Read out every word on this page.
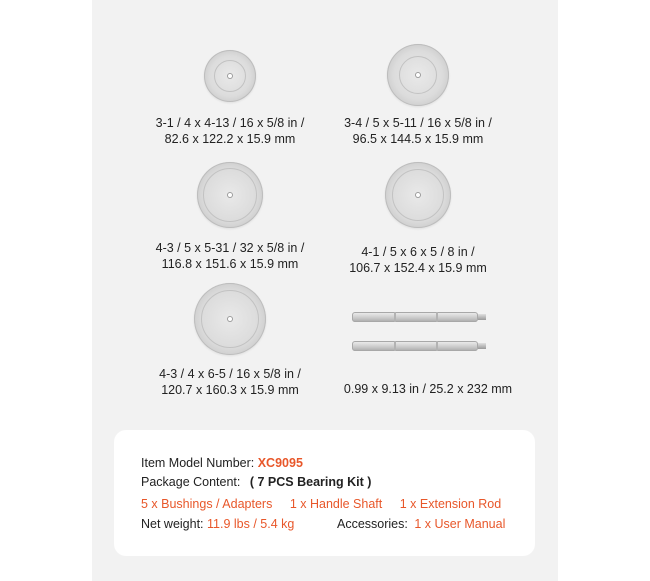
3-1 / 4 x 4-13 / 16 x 5/8 in /
82.6 x 122.2 x 15.9 mm
3-4 / 5 x 5-11 / 16 x 5/8 in /
96.5 x 144.5 x 15.9 mm
4-3 / 5 x 5-31 / 32 x 5/8 in /
116.8 x 151.6 x 15.9 mm
4-1 / 5 x 6 x 5 / 8 in /
106.7 x 152.4 x 15.9 mm
4-3 / 4 x 6-5 / 16 x 5/8 in /
120.7 x 160.3 x 15.9 mm	0.99 x 9.13 in / 25.2 x 232 mm
Item Model Number: XC9095
Package Content: ( 7 PCS Bearing Kit )
5 x Bushings / Adapters 1 x Handle Shaft 1 x Extension Rod
Net weight: 11.9 lbs / 5.4 kg	Accessories: 1 x User Manual
